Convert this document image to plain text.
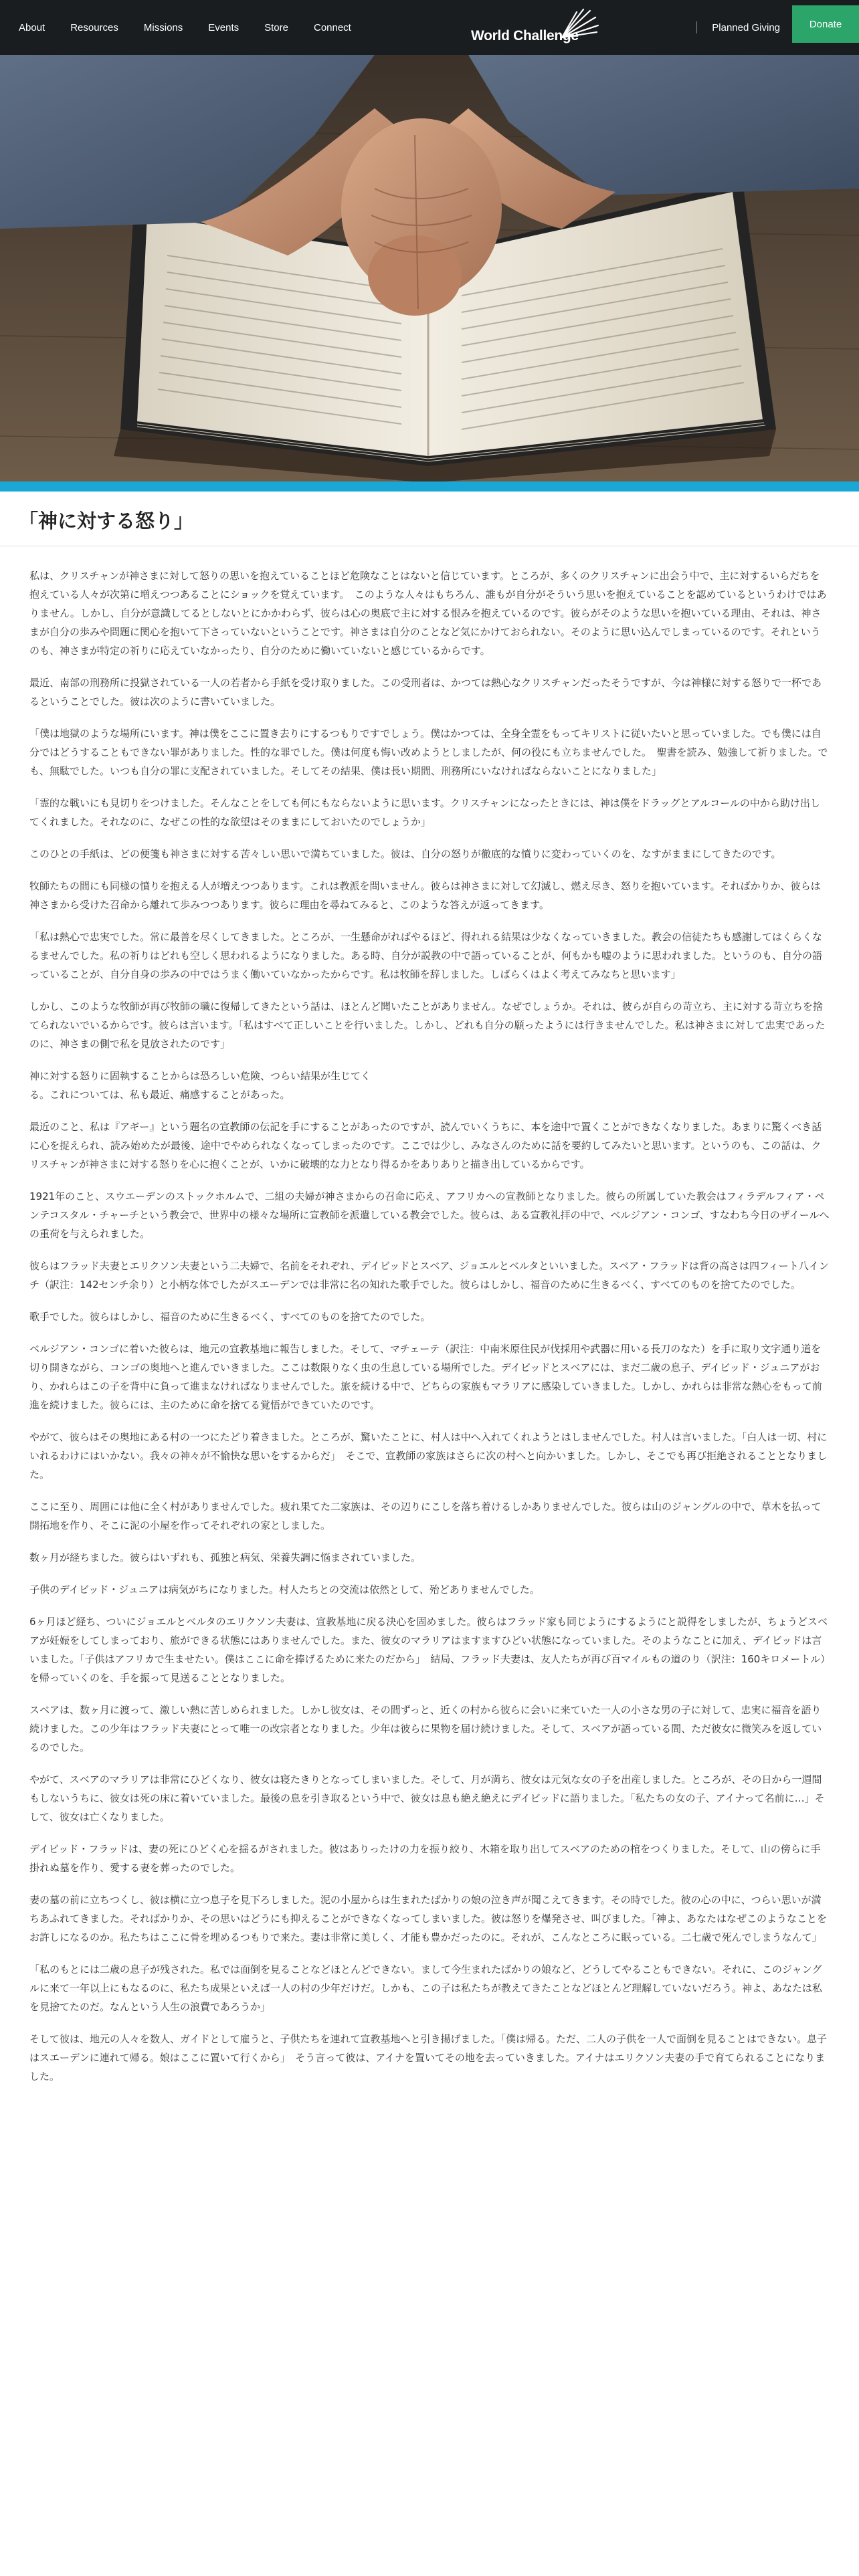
About	Resources	Missions	Events	Store	Connect
World Challenge
Planned Giving	Donate
「神に対する怒り」

私は、クリスチャンが神さまに対して怒りの思いを抱えていることほど危険なことはないと信じています。ところが、多くのクリスチャンに出会う中で、主に対するいらだちを抱えている人々が次第に増えつつあることにショックを覚えています。　このような人々はもちろん、誰もが自分がそういう思いを抱えていることを認めているというわけではありません。しかし、自分が意識してるとしないとにかかわらず、彼らは心の奥底で主に対する恨みを抱えているのです。彼らがそのような思いを抱いている理由、それは、神さまが自分の歩みや問題に関心を抱いて下さっていないということです。神さまは自分のことなど気にかけておられない。そのように思い込んでしまっているのです。それというのも、神さまが特定の祈りに応えていなかったり、自分のために働いていないと感じているからです。

最近、南部の刑務所に投獄されている一人の若者から手紙を受け取りました。この受刑者は、かつては熱心なクリスチャンだったそうですが、今は神様に対する怒りで一杯であるということでした。彼は次のように書いていました。

「僕は地獄のような場所にいます。神は僕をここに置き去りにするつもりですでしょう。僕はかつては、全身全霊をもってキリストに従いたいと思っていました。でも僕には自分ではどうすることもできない罪がありました。性的な罪でした。僕は何度も悔い改めようとしましたが、何の役にも立ちませんでした。　聖書を読み、勉強して祈りました。でも、無駄でした。いつも自分の罪に支配されていました。そしてその結果、僕は長い期間、刑務所にいなければならないことになりました」

「霊的な戦いにも見切りをつけました。そんなことをしても何にもならないように思います。クリスチャンになったときには、神は僕をドラッグとアルコールの中から助け出してくれました。それなのに、なぜこの性的な欲望はそのままにしておいたのでしょうか」

このひとの手紙は、どの便箋も神さまに対する苦々しい思いで満ちていました。彼は、自分の怒りが徹底的な憤りに変わっていくのを、なすがままにしてきたのです。

牧師たちの間にも同様の憤りを抱える人が増えつつあります。これは教派を問いません。彼らは神さまに対して幻滅し、燃え尽き、怒りを抱いています。そればかりか、彼らは神さまから受けた召命から離れて歩みつつあります。彼らに理由を尋ねてみると、このような答えが返ってきます。

「私は熱心で忠実でした。常に最善を尽くしてきました。ところが、一生懸命がればやるほど、得れれる結果は少なくなっていきました。教会の信徒たちも感謝してはくらくなるませんでした。私の祈りはどれも空しく思われるようになりました。ある時、自分が説教の中で語っていることが、何もかも嘘のように思われました。というのも、自分の語っていることが、自分自身の歩みの中ではうまく働いていなかったからです。私は牧師を辞しました。しばらくはよく考えてみなちと思います」

しかし、このような牧師が再び牧師の職に復帰してきたという話は、ほとんど聞いたことがありません。なぜでしょうか。それは、彼らが自らの苛立ち、主に対する苛立ちを捨てられないでいるからです。彼らは言います。「私はすべて正しいことを行いました。しかし、どれも自分の願ったようには行きませんでした。私は神さまに対して忠実であったのに、神さまの側で私を見放されたのです」

神に対する怒りに固執することからは恐ろしい危険、つらい結果が生じてくる。これについては、私も最近、痛感することがあった。

最近のこと、私は『アギー』という題名の宣教師の伝記を手にすることがあったのですが、読んでいくうちに、本を途中で置くことができなくなりました。あまりに驚くべき話に心を捉えられ、読み始めたが最後、途中でやめられなくなってしまったのです。ここでは少し、みなさんのために話を要約してみたいと思います。というのも、この話は、クリスチャンが神さまに対する怒りを心に抱くことが、いかに破壊的な力となり得るかをありありと描き出しているからです。

1921年のこと、スウエーデンのストックホルムで、二組の夫婦が神さまからの召命に応え、アフリカへの宣教師となりました。彼らの所属していた教会はフィラデルフィア・ペンテコスタル・チャーチという教会で、世界中の様々な場所に宣教師を派遣している教会でした。彼らは、ある宣教礼拝の中で、ベルジアン・コンゴ、すなわち今日のザイールへの重荷を与えられました。

彼らはフラッド夫妻とエリクソン夫妻という二夫婦で、名前をそれぞれ、デイビッドとスベア、ジョエルとベルタといいました。スベア・フラッドは背の高さは四フィート八インチ（訳注：142センチ余り）と小柄な体でしたがスエーデンでは非常に名の知れた歌手でした。彼らはしかし、福音のために生きるべく、すべてのものを捨てたのでした。

歌手でした。彼らはしかし、福音のために生きるべく、すべてのものを捨てたのでした。

ベルジアン・コンゴに着いた彼らは、地元の宣教基地に報告しました。そして、マチェーテ（訳注：中南米原住民が伐採用や武器に用いる長刀のなた）を手に取り文字通り道を切り開きながら、コンゴの奥地へと進んでいきました。ここは数限りなく虫の生息している場所でした。デイビッドとスベアには、まだ二歳の息子、デイビッド・ジュニアがおり、かれらはこの子を背中に負って進まなければなりませんでした。旅を続ける中で、どちらの家族もマラリアに感染していきました。しかし、かれらは非常な熱心をもって前進を続けました。彼らには、主のために命を捨てる覚悟ができていたのです。

やがて、彼らはその奥地にある村の一つにたどり着きました。ところが、驚いたことに、村人は中へ入れてくれようとはしませんでした。村人は言いました。「白人は一切、村にいれるわけにはいかない。我々の神々が不愉快な思いをするからだ」　そこで、宣教師の家族はさらに次の村へと向かいました。しかし、そこでも再び拒絶されることとなりました。

ここに至り、周囲には他に全く村がありませんでした。疲れ果てた二家族は、その辺りにこしを落ち着けるしかありませんでした。彼らは山のジャングルの中で、草木を払って開拓地を作り、そこに泥の小屋を作ってそれぞれの家としました。

数ヶ月が経ちました。彼らはいずれも、孤独と病気、栄養失調に悩まされていました。

子供のデイビッド・ジュニアは病気がちになりました。村人たちとの交流は依然として、殆どありませんでした。

6ヶ月ほど経ち、ついにジョエルとベルタのエリクソン夫妻は、宣教基地に戻る決心を固めました。彼らはフラッド家も同じようにするようにと説得をしましたが、ちょうどスベアが妊娠をしてしまっており、旅ができる状態にはありませんでした。また、彼女のマラリアはますますひどい状態になっていました。そのようなことに加え、デイビッドは言いました。「子供はアフリカで生ませたい。僕はここに命を捧げるために来たのだから」　結局、フラッド夫妻は、友人たちが再び百マイルもの道のり（訳注：160キロメートル）を帰っていくのを、手を振って見送ることとなりました。

スベアは、数ヶ月に渡って、激しい熱に苦しめられました。しかし彼女は、その間ずっと、近くの村から彼らに会いに来ていた一人の小さな男の子に対して、忠実に福音を語り続けました。この少年はフラッド夫妻にとって唯一の改宗者となりました。少年は彼らに果物を届け続けました。そして、スベアが語っている間、ただ彼女に微笑みを返しているのでした。

やがて、スベアのマラリアは非常にひどくなり、彼女は寝たきりとなってしまいました。そして、月が満ち、彼女は元気な女の子を出産しました。ところが、その日から一週間もしないうちに、彼女は死の床に着いていました。最後の息を引き取るという中で、彼女は息も絶え絶えにデイビッドに語りました。「私たちの女の子、アイナって名前に…」そして、彼女は亡くなりました。

デイビッド・フラッドは、妻の死にひどく心を揺るがされました。彼はありったけの力を振り絞り、木箱を取り出してスベアのための棺をつくりました。そして、山の傍らに手掛れぬ墓を作り、愛する妻を葬ったのでした。

妻の墓の前に立ちつくし、彼は横に立つ息子を見下ろしました。泥の小屋からは生まれたばかりの娘の泣き声が聞こえてきます。その時でした。彼の心の中に、つらい思いが満ちあふれてきました。そればかりか、その思いはどうにも抑えることができなくなってしまいました。彼は怒りを爆発させ、叫びました。「神よ、あなたはなぜこのようなことをお許しになるのか。私たちはここに骨を埋めるつもりで来た。妻は非常に美しく、才能も豊かだったのに。それが、こんなところに眠っている。二七歳で死んでしまうなんて」

「私のもとには二歳の息子が残された。私では面倒を見ることなどほとんどできない。まして今生まれたばかりの娘など、どうしてやることもできない。それに、このジャングルに来て一年以上にもなるのに、私たち成果といえば一人の村の少年だけだ。しかも、この子は私たちが教えてきたことなどほとんど理解していないだろう。神よ、あなたは私を見捨てたのだ。なんという人生の浪費であろうか」

そして彼は、地元の人々を数人、ガイドとして雇うと、子供たちを連れて宣教基地へと引き揚げました。「僕は帰る。ただ、二人の子供を一人で面倒を見ることはできない。息子はスエーデンに連れて帰る。娘はここに置いて行くから」　そう言って彼は、アイナを置いてその地を去っていきました。アイナはエリクソン夫妻の手で育てられることになりました。
